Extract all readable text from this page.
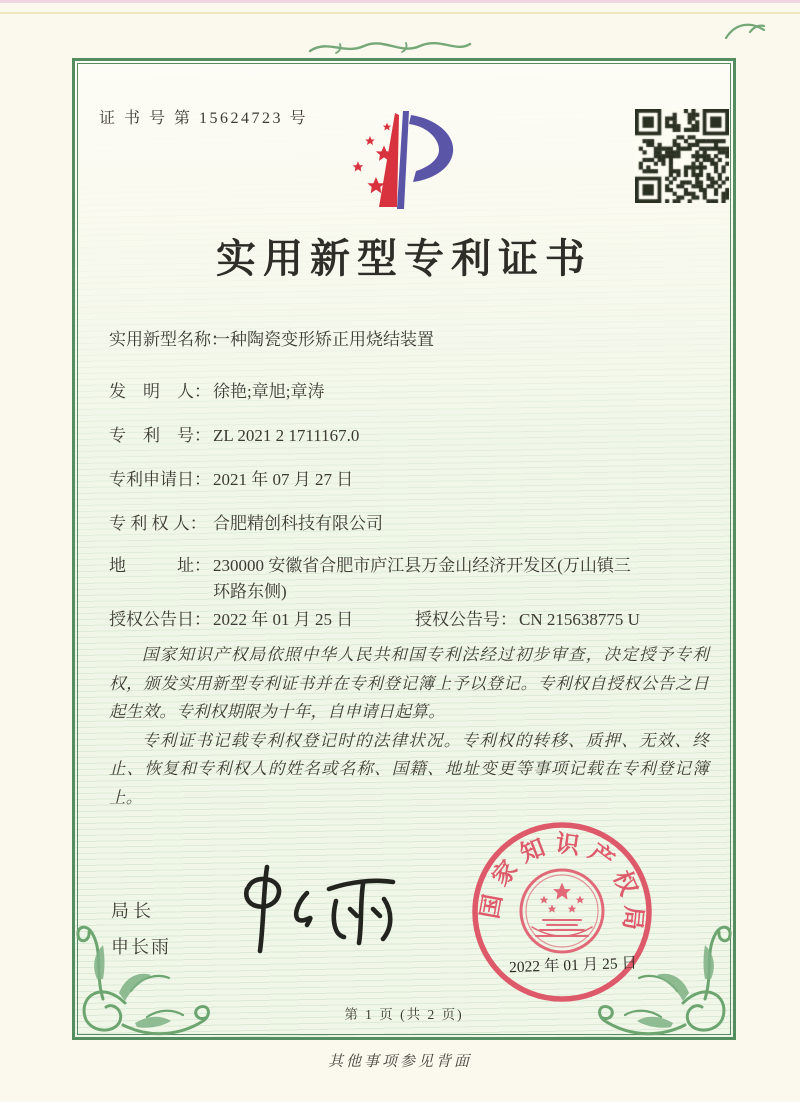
证 书 号 第 15624723 号
实用新型专利证书
实用新型名称：一种陶瓷变形矫正用烧结装置
发　明　人： 徐艳;章旭;章涛
专　利　号： ZL 2021 2 1711167.0
专利申请日： 2021 年 07 月 27 日
专 利 权 人： 合肥精创科技有限公司
地　　　址： 230000 安徽省合肥市庐江县万金山经济开发区(万山镇三
环路东侧)
授权公告日： 2022 年 01 月 25 日	授权公告号： CN 215638775 U

国家知识产权局依照中华人民共和国专利法经过初步审查，决定授予专利权，颁发实用新型专利证书并在专利登记簿上予以登记。专利权自授权公告之日起生效。专利权期限为十年，自申请日起算。

专利证书记载专利权登记时的法律状况。专利权的转移、质押、无效、终止、恢复和专利权人的姓名或名称、国籍、地址变更等事项记载在专利登记簿上。

局长
申长雨
国家知识产权局
2022 年 01 月 25 日
第 1 页 (共 2 页)
其他事项参见背面
